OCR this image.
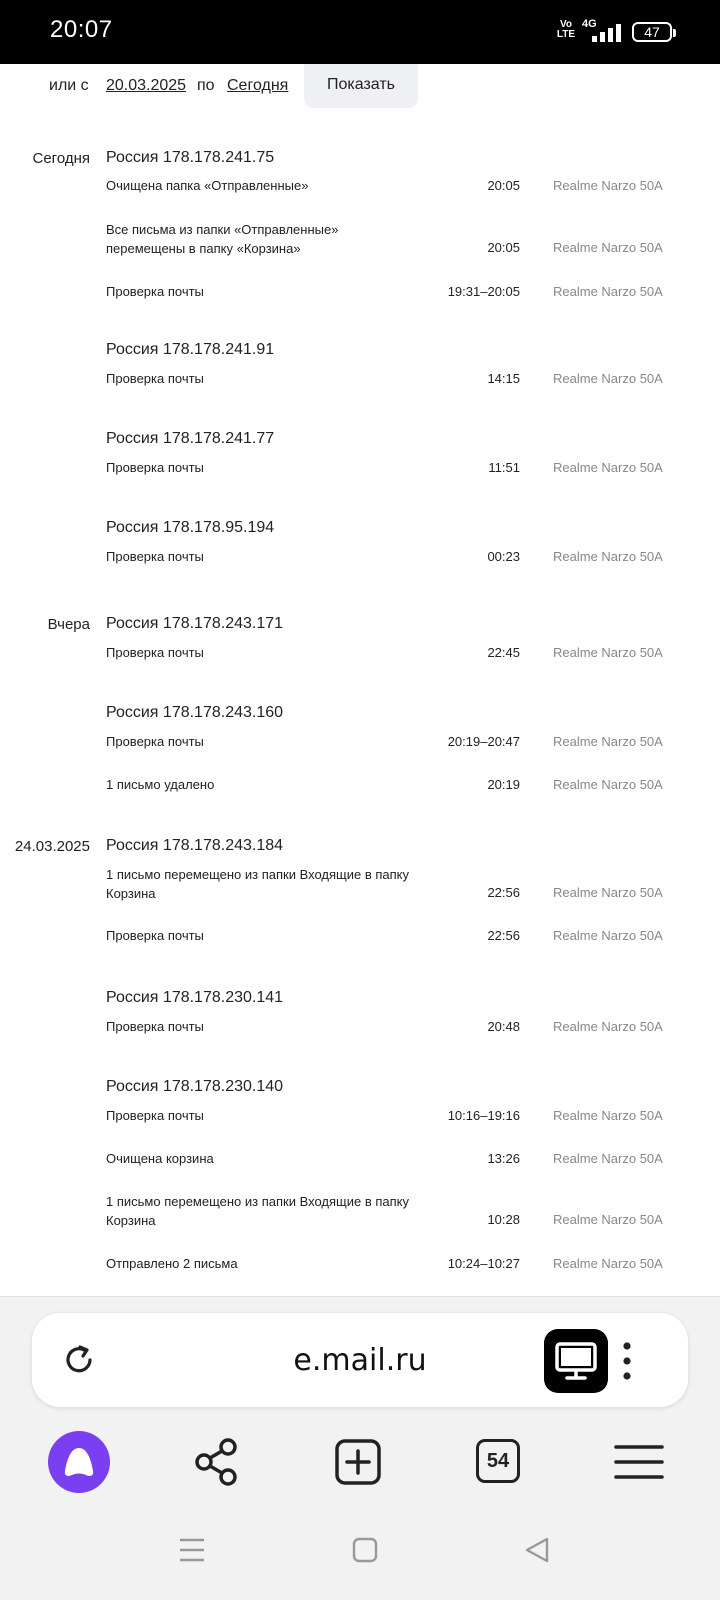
20:07	Vo
LTE
4G	47
или с 20.03.2025 по Сегодня	Показать
Сегодня Россия 178.178.241.75
Очищена папка «Отправленные»	20:05	Realme Narzo 50A
Все письма из папки «Отправленные» перемещены в папку «Корзина»	20:05	Realme Narzo 50A
Проверка почты	19:31–20:05	Realme Narzo 50A
Россия 178.178.241.91
Проверка почты	14:15	Realme Narzo 50A
Россия 178.178.241.77
Проверка почты	11:51	Realme Narzo 50A
Россия 178.178.95.194
Проверка почты	00:23	Realme Narzo 50A
Вчера Россия 178.178.243.171
Проверка почты	22:45	Realme Narzo 50A
Россия 178.178.243.160
Проверка почты	20:19–20:47	Realme Narzo 50A
1 письмо удалено	20:19	Realme Narzo 50A
24.03.2025 Россия 178.178.243.184
1 письмо перемещено из папки Входящие в папку Корзина	22:56	Realme Narzo 50A
Проверка почты	22:56	Realme Narzo 50A
Россия 178.178.230.141
Проверка почты	20:48	Realme Narzo 50A
Россия 178.178.230.140
Проверка почты	10:16–19:16	Realme Narzo 50A
Очищена корзина	13:26	Realme Narzo 50A
1 письмо перемещено из папки Входящие в папку Корзина	10:28	Realme Narzo 50A
Отправлено 2 письма	10:24–10:27	Realme Narzo 50A
e.mail.ru
54
